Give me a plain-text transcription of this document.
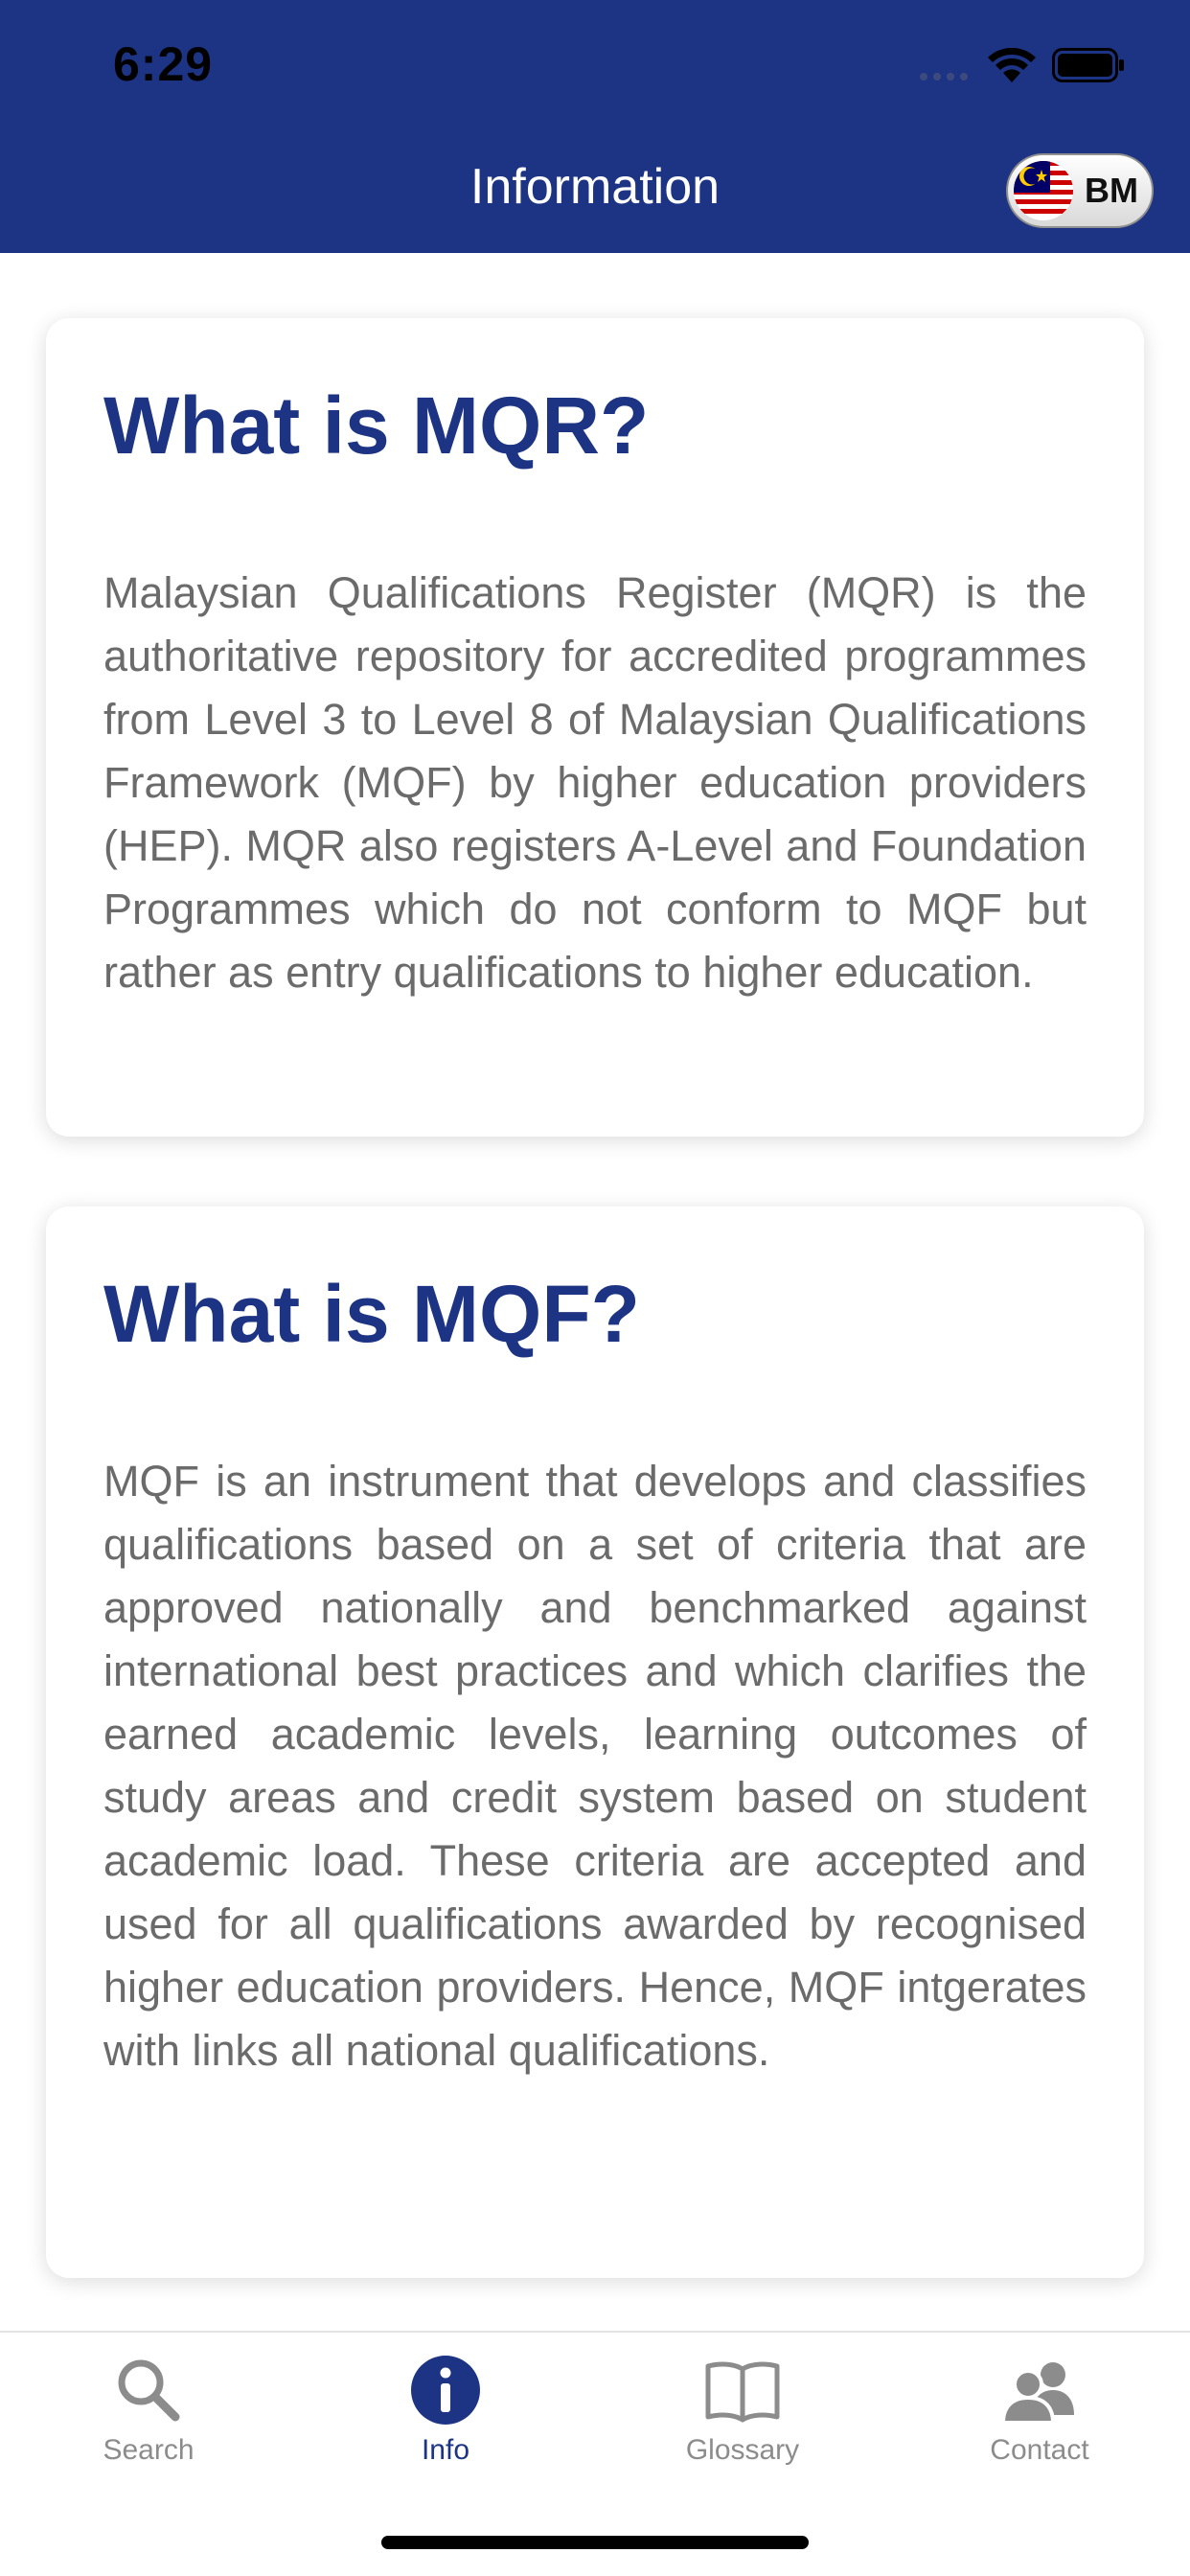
6:29
Information	BM
What is MQR?

Malaysian Qualifications Register (MQR) is the authoritative repository for accredited programmes from Level 3 to Level 8 of Malaysian Qualifications Framework (MQF) by higher education providers (HEP). MQR also registers A-Level and Foundation Programmes which do not conform to MQF but rather as entry qualifications to higher education.

What is MQF?

MQF is an instrument that develops and classifies qualifications based on a set of criteria that are approved nationally and benchmarked against international best practices and which clarifies the earned academic levels, learning outcomes of study areas and credit system based on student academic load. These criteria are accepted and used for all qualifications awarded by recognised higher education providers. Hence, MQF intgerates with links all national qualifications.

Search	Info	Glossary	Contact
